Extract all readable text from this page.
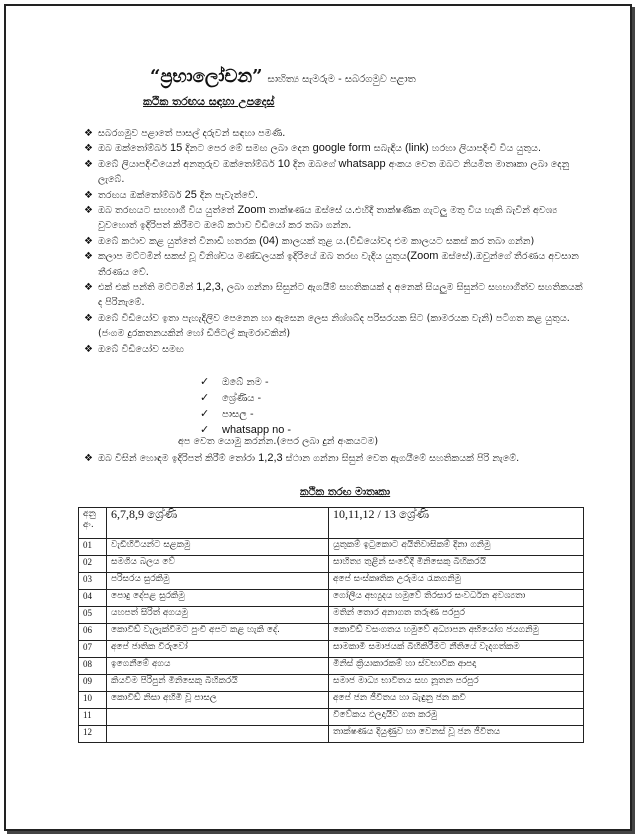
“ප්‍රභාලෝචන” සාහිත්‍ය සැමරුම - සබරගමුව පළාත
කථික තරඟය සඳහා උපදෙස්
❖ සබරගමුව පළාතේ පාසල් දරුවන් සඳහා පමණි.
❖ ඔබ ඔක්තෝම්බර් 15 දිනට පෙර මේ සමඟ ලබා දෙන google form සබැඳිය (link) හරහා ලියාපදිංචි විය යුතුය.
❖ ඔබේ ලියාපදිංචියෙන් අනතුරුව ඔක්තෝම්බර් 10 දින ඔබගේ whatsapp අංකය වෙත ඔබට නියමිත මාතෘකා ලබා දෙනු ලැබේ.
❖ තරඟය ඔක්තෝම්බර් 25 දින පැවැත්වේ.
❖ ඔබ තරඟයට සහභාගී විය යුත්තේ Zoom තාක්ෂණය ඔස්සේ ය.එහිදී තාක්ෂණික ගැටලු මතු විය හැකි බැවින් අවශ්‍ය වුවහොත් ඉදිරිපත් කිරීමට ඔබේ කථාව වීඩියෝ කර තබා ගන්න.
❖ ඔබේ කථාව කළ යුත්තේ විනාඩි හතරක (04) කාලයක් තුළ ය.(වීඩියෝවද එම කාලයට සකස් කර තබා ගන්න)
❖ කලාප මට්ටමින් සකස් වූ විනිශ්චය මණ්ඩලයක් ඉදිරියේ ඔබ තරඟ වැදිය යුතුය(Zoom ඔස්සේ).ඔවුන්ගේ තීරණය අවසාන තීරණය වේ.
❖ එක් එක් පන්ති මට්ටමින් 1,2,3, ලබා ගන්නා සිසුන්ට ඇගයීම් සහතිකයක් ද අනෙක් සියලුම සිසුන්ට සහභාගීත්ව සහතිකයක් ද පිරිනැමේ.
❖ ඔබේ වීඩියෝව ඉතා පැහැදිලිව පෙනෙන හා ඇසෙන ලෙස නිශ්ශබ්ද පරිසරයක සිට (කාමරයක වැනි) පටිගත කළ යුතුය.(ජංගම දුරකතනයකින් හෝ ඩිජිටල් කැමරාවකින්)
❖ ඔබේ වීඩියෝව සමඟ
✓ ඔබේ නම -
✓ ශ්‍රේණිය -
✓ පාසල -
✓ whatsapp no -
අප වෙත යොමු කරන්න.(පෙර ලබා දුන් අංකයටම)
❖ ඔබ විසින් හොඳම ඉදිරිපත් කිරීම් තෝරා 1,2,3 ස්ථාන ගන්නා සිසුන් වෙත ඇගයීමේ සහතිකයක් පිරි නැමේ.
කථික තරඟ මාතෘකා
අනු අං.	6,7,8,9 ශ්‍රේණි	10,11,12 / 13 ශ්‍රේණි
01	වැඩිහිටියන්ට සළකමු	යුතුකම් ඉටුකොට අයිතිවාසිකම් දිනා ගනිමු
02	සමගිය බලය වේ	සාහිත්‍ය තුළින් සංවේදී මිනිසෙකු බිහිකරයි
03	පරිසරය සුරකිමු	අපේ සංස්කෘතික උරුමය රැකගනිමු
04	පොදු දේපළ සුරකිමු	ගෝලීය අභ්‍යුදය හමුවේ තිරසාර සංවර්ධන අවශ්‍යතා
05	යහපත් සිරිත් අගයමු	මතින් තොර අනාගත තරුණ පරපුර
06	කොවිඩ් වැලැක්වීමට පුංචි අපට කළ හැකි දේ.	කොවිඩ් වසංගතය හමුවේ අධ්‍යාපන අභියෝග ජයගනිමු
07	අපේ ජාතික විරුවෝ	සාමකාමී සමාජයක් බිහිකිරීමට නීතියේ වැදගත්කම
08	ඉගෙනීමේ අගය	මිනිස් ක්‍රියාකාරකම් හා ස්වභාවික ආපදා
09	කියවීම පිරිපුන් මිනිසෙකු බිහිකරයි	සමාජ මාධ්‍ය භාවිතය සහ නූතන පරපුර
10	කොවිඩ් නිසා අහිමි වූ පාසල	අපේ ජන ජීවිතය හා බැඳුනු ජන කවි
11		විවේකය ඵලදායීව ගත කරමු
12		තාක්ෂණය දියුණුව හා වෙනස් වූ ජන ජීවිතය
